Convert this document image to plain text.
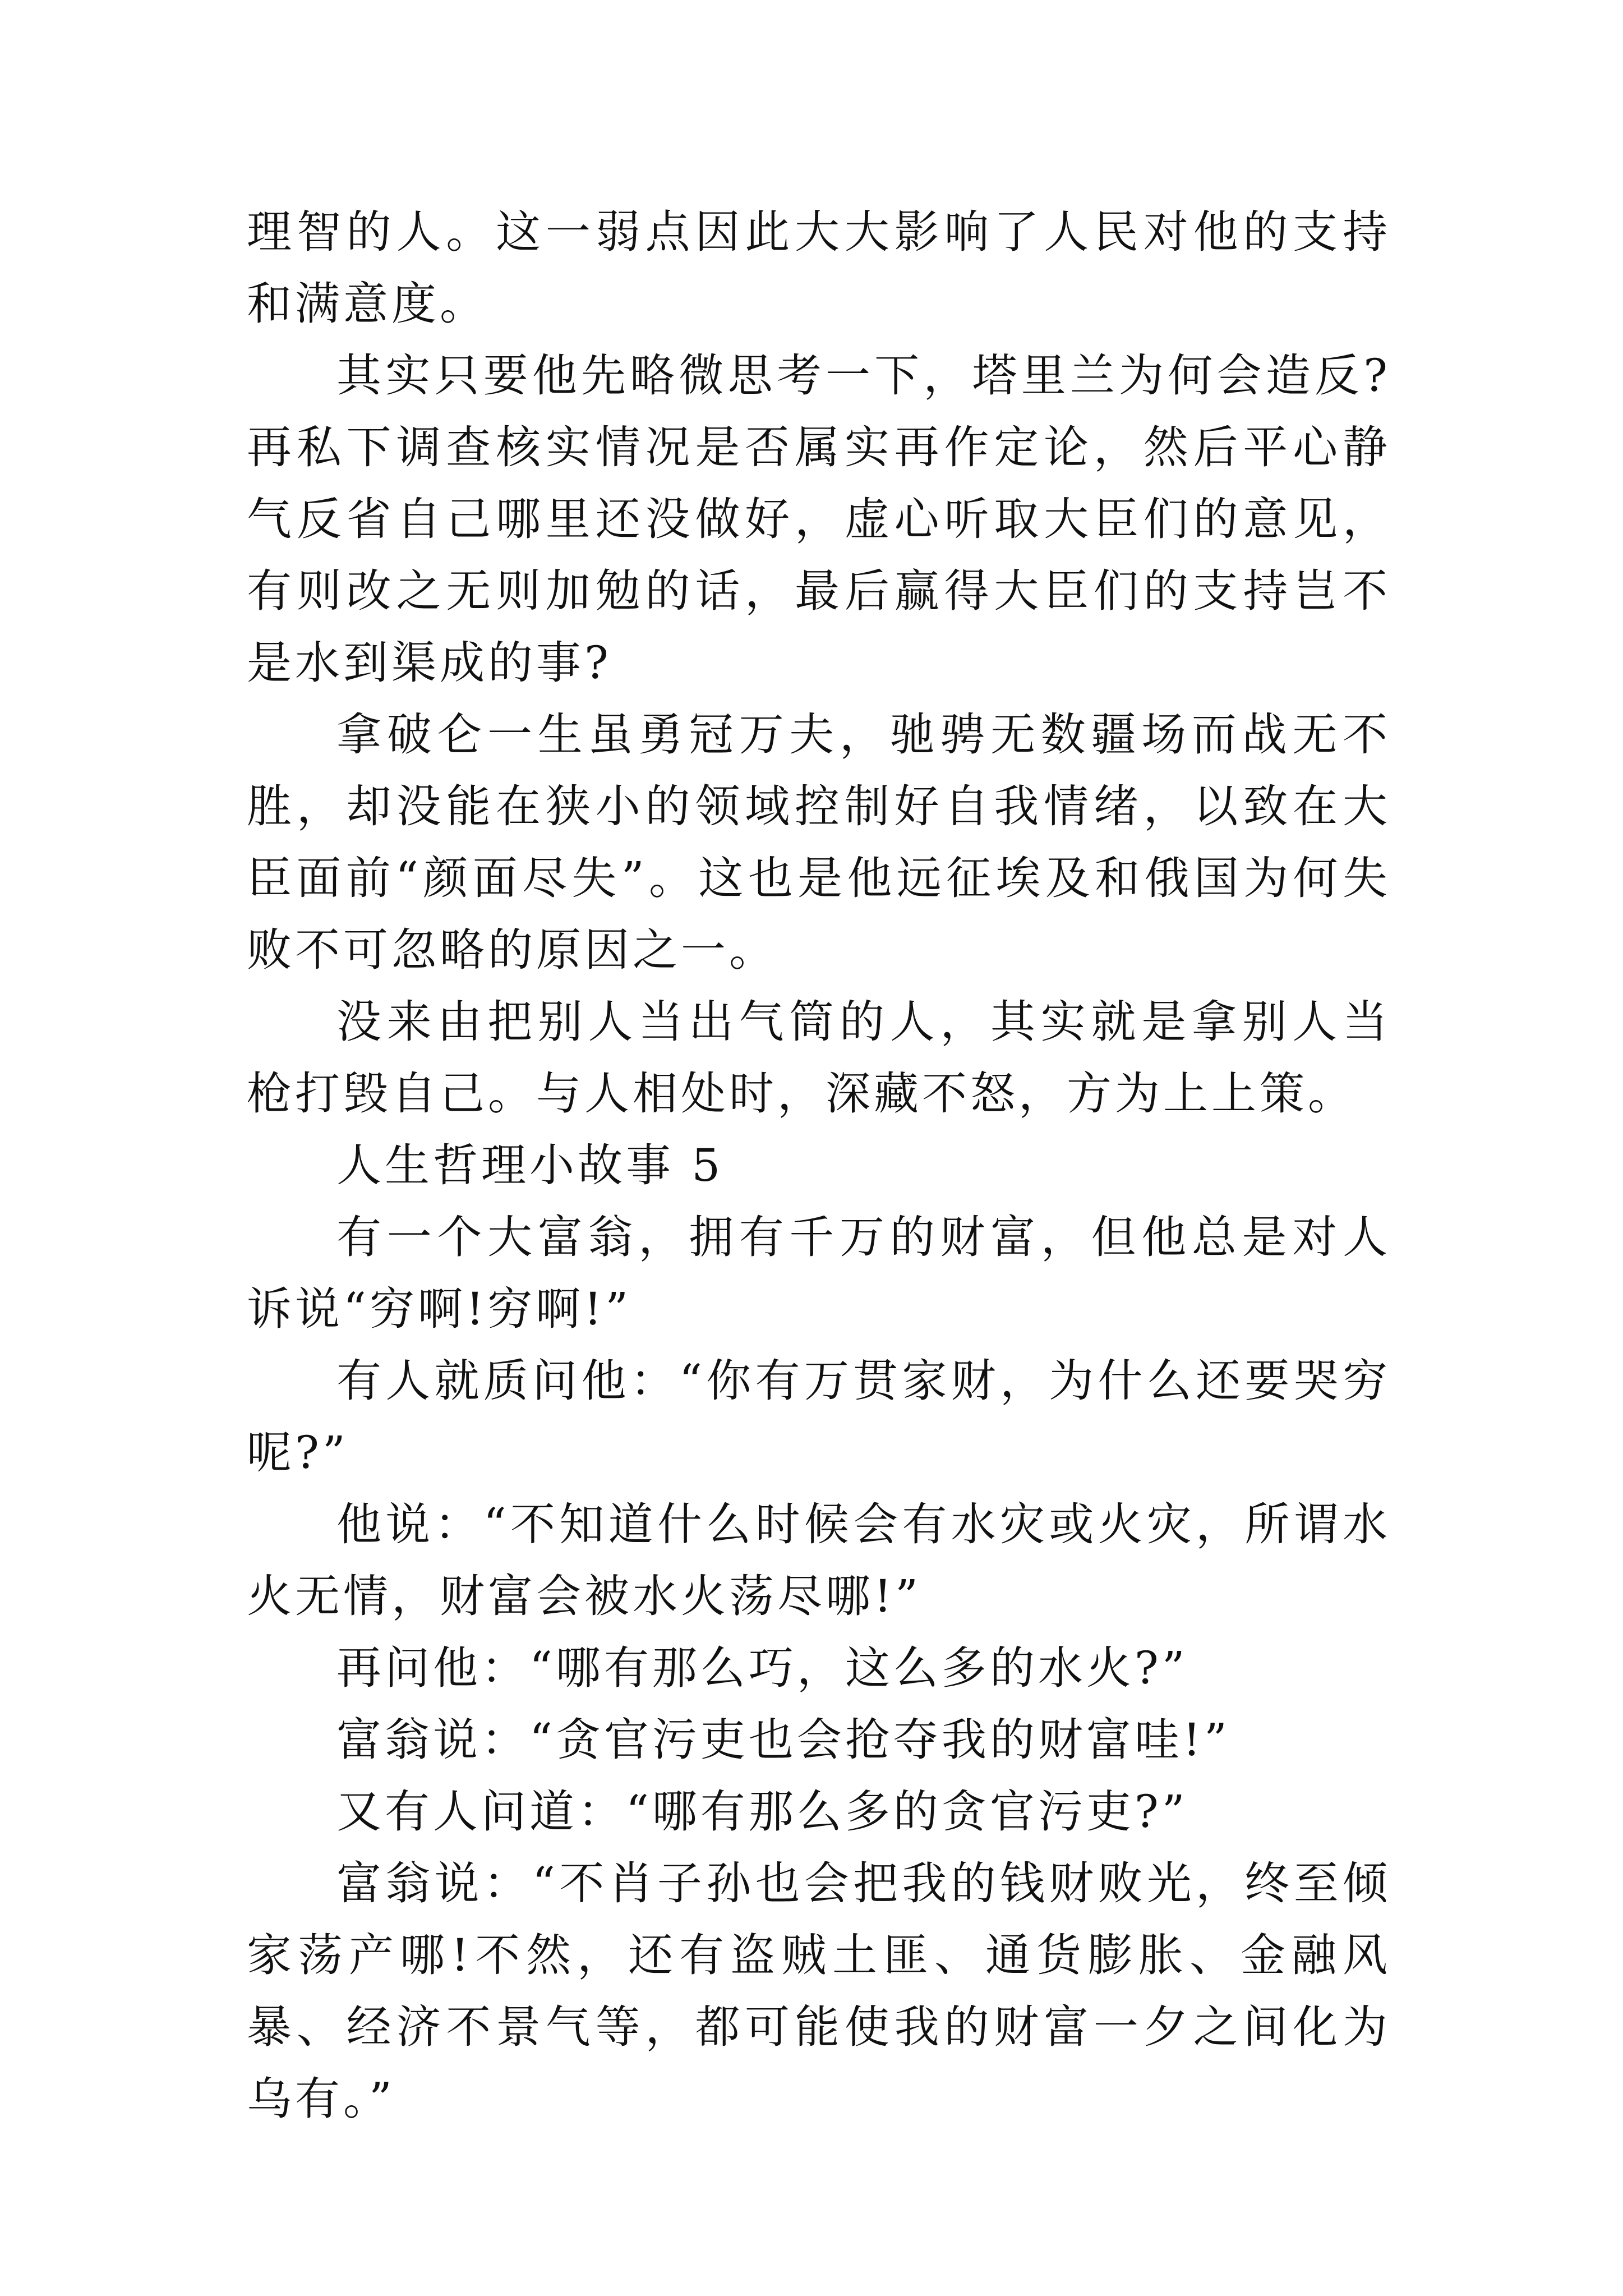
理智的人。这一弱点因此大大影响了人民对他的支持和满意度。

其实只要他先略微思考一下，塔里兰为何会造反?再私下调查核实情况是否属实再作定论，然后平心静气反省自己哪里还没做好，虚心听取大臣们的意见，有则改之无则加勉的话，最后赢得大臣们的支持岂不是水到渠成的事?

拿破仑一生虽勇冠万夫，驰骋无数疆场而战无不胜，却没能在狭小的领域控制好自我情绪，以致在大臣面前“颜面尽失”。这也是他远征埃及和俄国为何失败不可忽略的原因之一。

没来由把别人当出气筒的人，其实就是拿别人当枪打毁自己。与人相处时，深藏不怒，方为上上策。

人生哲理小故事 5

有一个大富翁，拥有千万的财富，但他总是对人诉说“穷啊!穷啊!”

有人就质问他：“你有万贯家财，为什么还要哭穷呢?”

他说：“不知道什么时候会有水灾或火灾，所谓水火无情，财富会被水火荡尽哪!”

再问他：“哪有那么巧，这么多的水火?”

富翁说：“贪官污吏也会抢夺我的财富哇!”

又有人问道：“哪有那么多的贪官污吏?”

富翁说：“不肖子孙也会把我的钱财败光，终至倾家荡产哪!不然，还有盗贼土匪、通货膨胀、金融风暴、经济不景气等，都可能使我的财富一夕之间化为乌有。”
